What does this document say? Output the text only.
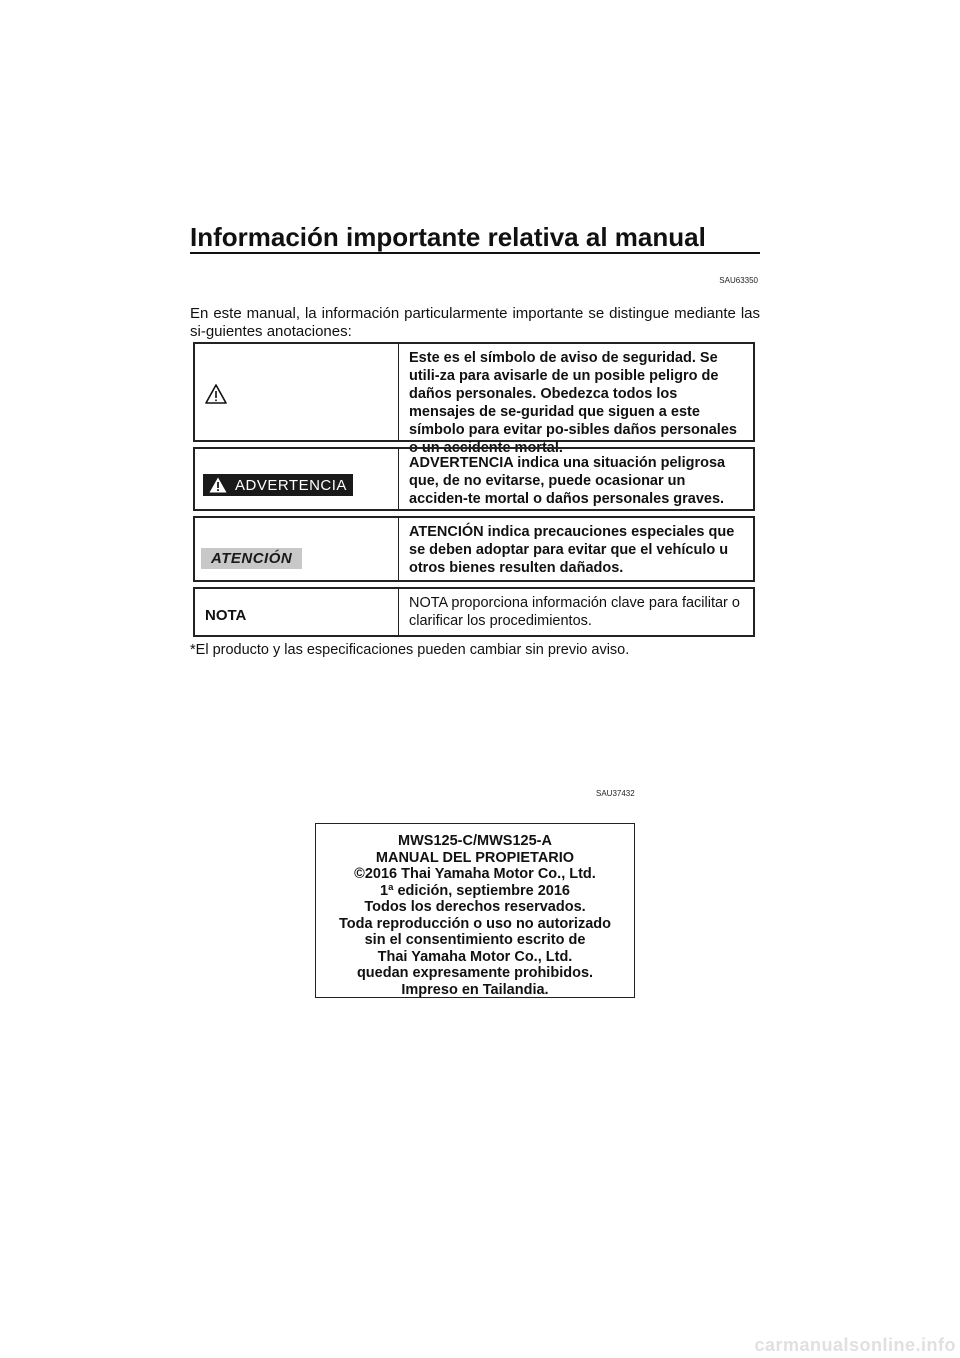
Información importante relativa al manual
SAU63350

En este manual, la información particularmente importante se distingue mediante las si-guientes anotaciones:

Este es el símbolo de aviso de seguridad. Se utili-za para avisarle de un posible peligro de daños personales. Obedezca todos los mensajes de se-guridad que siguen a este símbolo para evitar po-sibles daños personales o un accidente mortal.
ADVERTENCIA
ADVERTENCIA indica una situación peligrosa que, de no evitarse, puede ocasionar un acciden-te mortal o daños personales graves.
ATENCIÓN
ATENCIÓN indica precauciones especiales que se deben adoptar para evitar que el vehículo u otros bienes resulten dañados.
NOTA
NOTA proporciona información clave para facilitar o clarificar los procedimientos.

*El producto y las especificaciones pueden cambiar sin previo aviso.

SAU37432
MWS125-C/MWS125-A
MANUAL DEL PROPIETARIO
©2016 Thai Yamaha Motor Co., Ltd.
1ª edición, septiembre 2016
Todos los derechos reservados.
Toda reproducción o uso no autorizado
sin el consentimiento escrito de
Thai Yamaha Motor Co., Ltd.
quedan expresamente prohibidos.
Impreso en Tailandia.
carmanualsonline.info
